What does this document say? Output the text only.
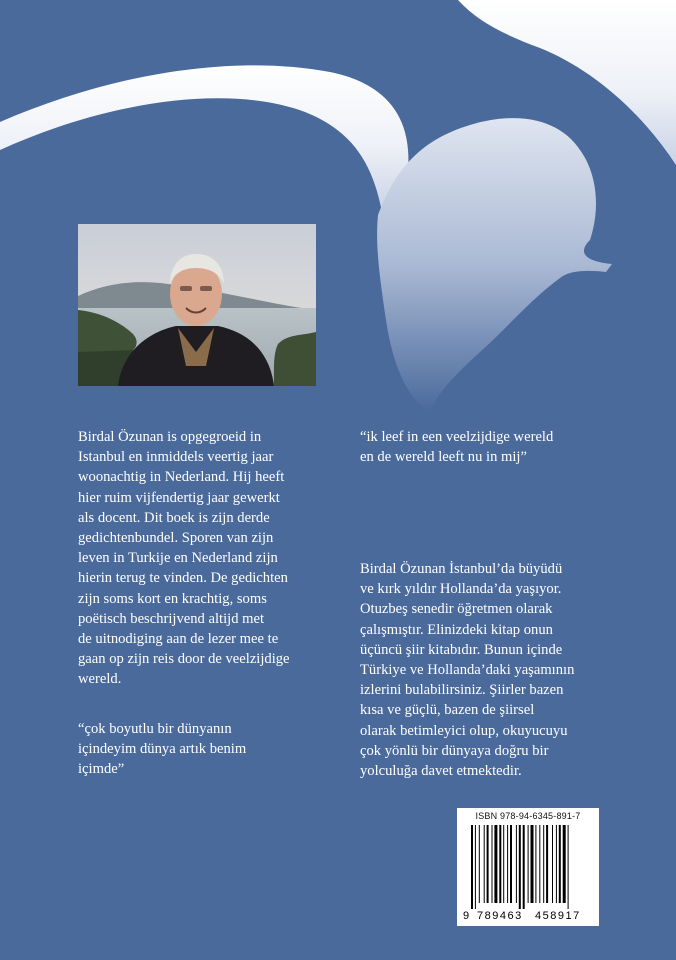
Birdal Özunan is opgegroeid in
Istanbul en inmiddels veertig jaar
woonachtig in Nederland. Hij heeft
hier ruim vijfendertig jaar gewerkt
als docent. Dit boek is zijn derde
gedichtenbundel. Sporen van zijn
leven in Turkije en Nederland zijn
hierin terug te vinden. De gedichten
zijn soms kort en krachtig, soms
poëtisch beschrijvend altijd met
de uitnodiging aan de lezer mee te
gaan op zijn reis door de veelzijdige
wereld.

“ik leef in een veelzijdige wereld
en de wereld leeft nu in mij”

“çok boyutlu bir dünyanın
içindeyim dünya artık benim
içimde”

Birdal Özunan İstanbul’da büyüdü
ve kırk yıldır Hollanda’da yaşıyor.
Otuzbeş senedir öğretmen olarak
çalışmıştır. Elinizdeki kitap onun
üçüncü şiir kitabıdır. Bunun içinde
Türkiye ve Hollanda’daki yaşamının
izlerini bulabilirsiniz. Şiirler bazen
kısa ve güçlü, bazen de şiirsel
olarak betimleyici olup, okuyucuyu
çok yönlü bir dünyaya doğru bir
yolculuğa davet etmektedir.

ISBN 978-94-6345-891-7
9 789463 458917
